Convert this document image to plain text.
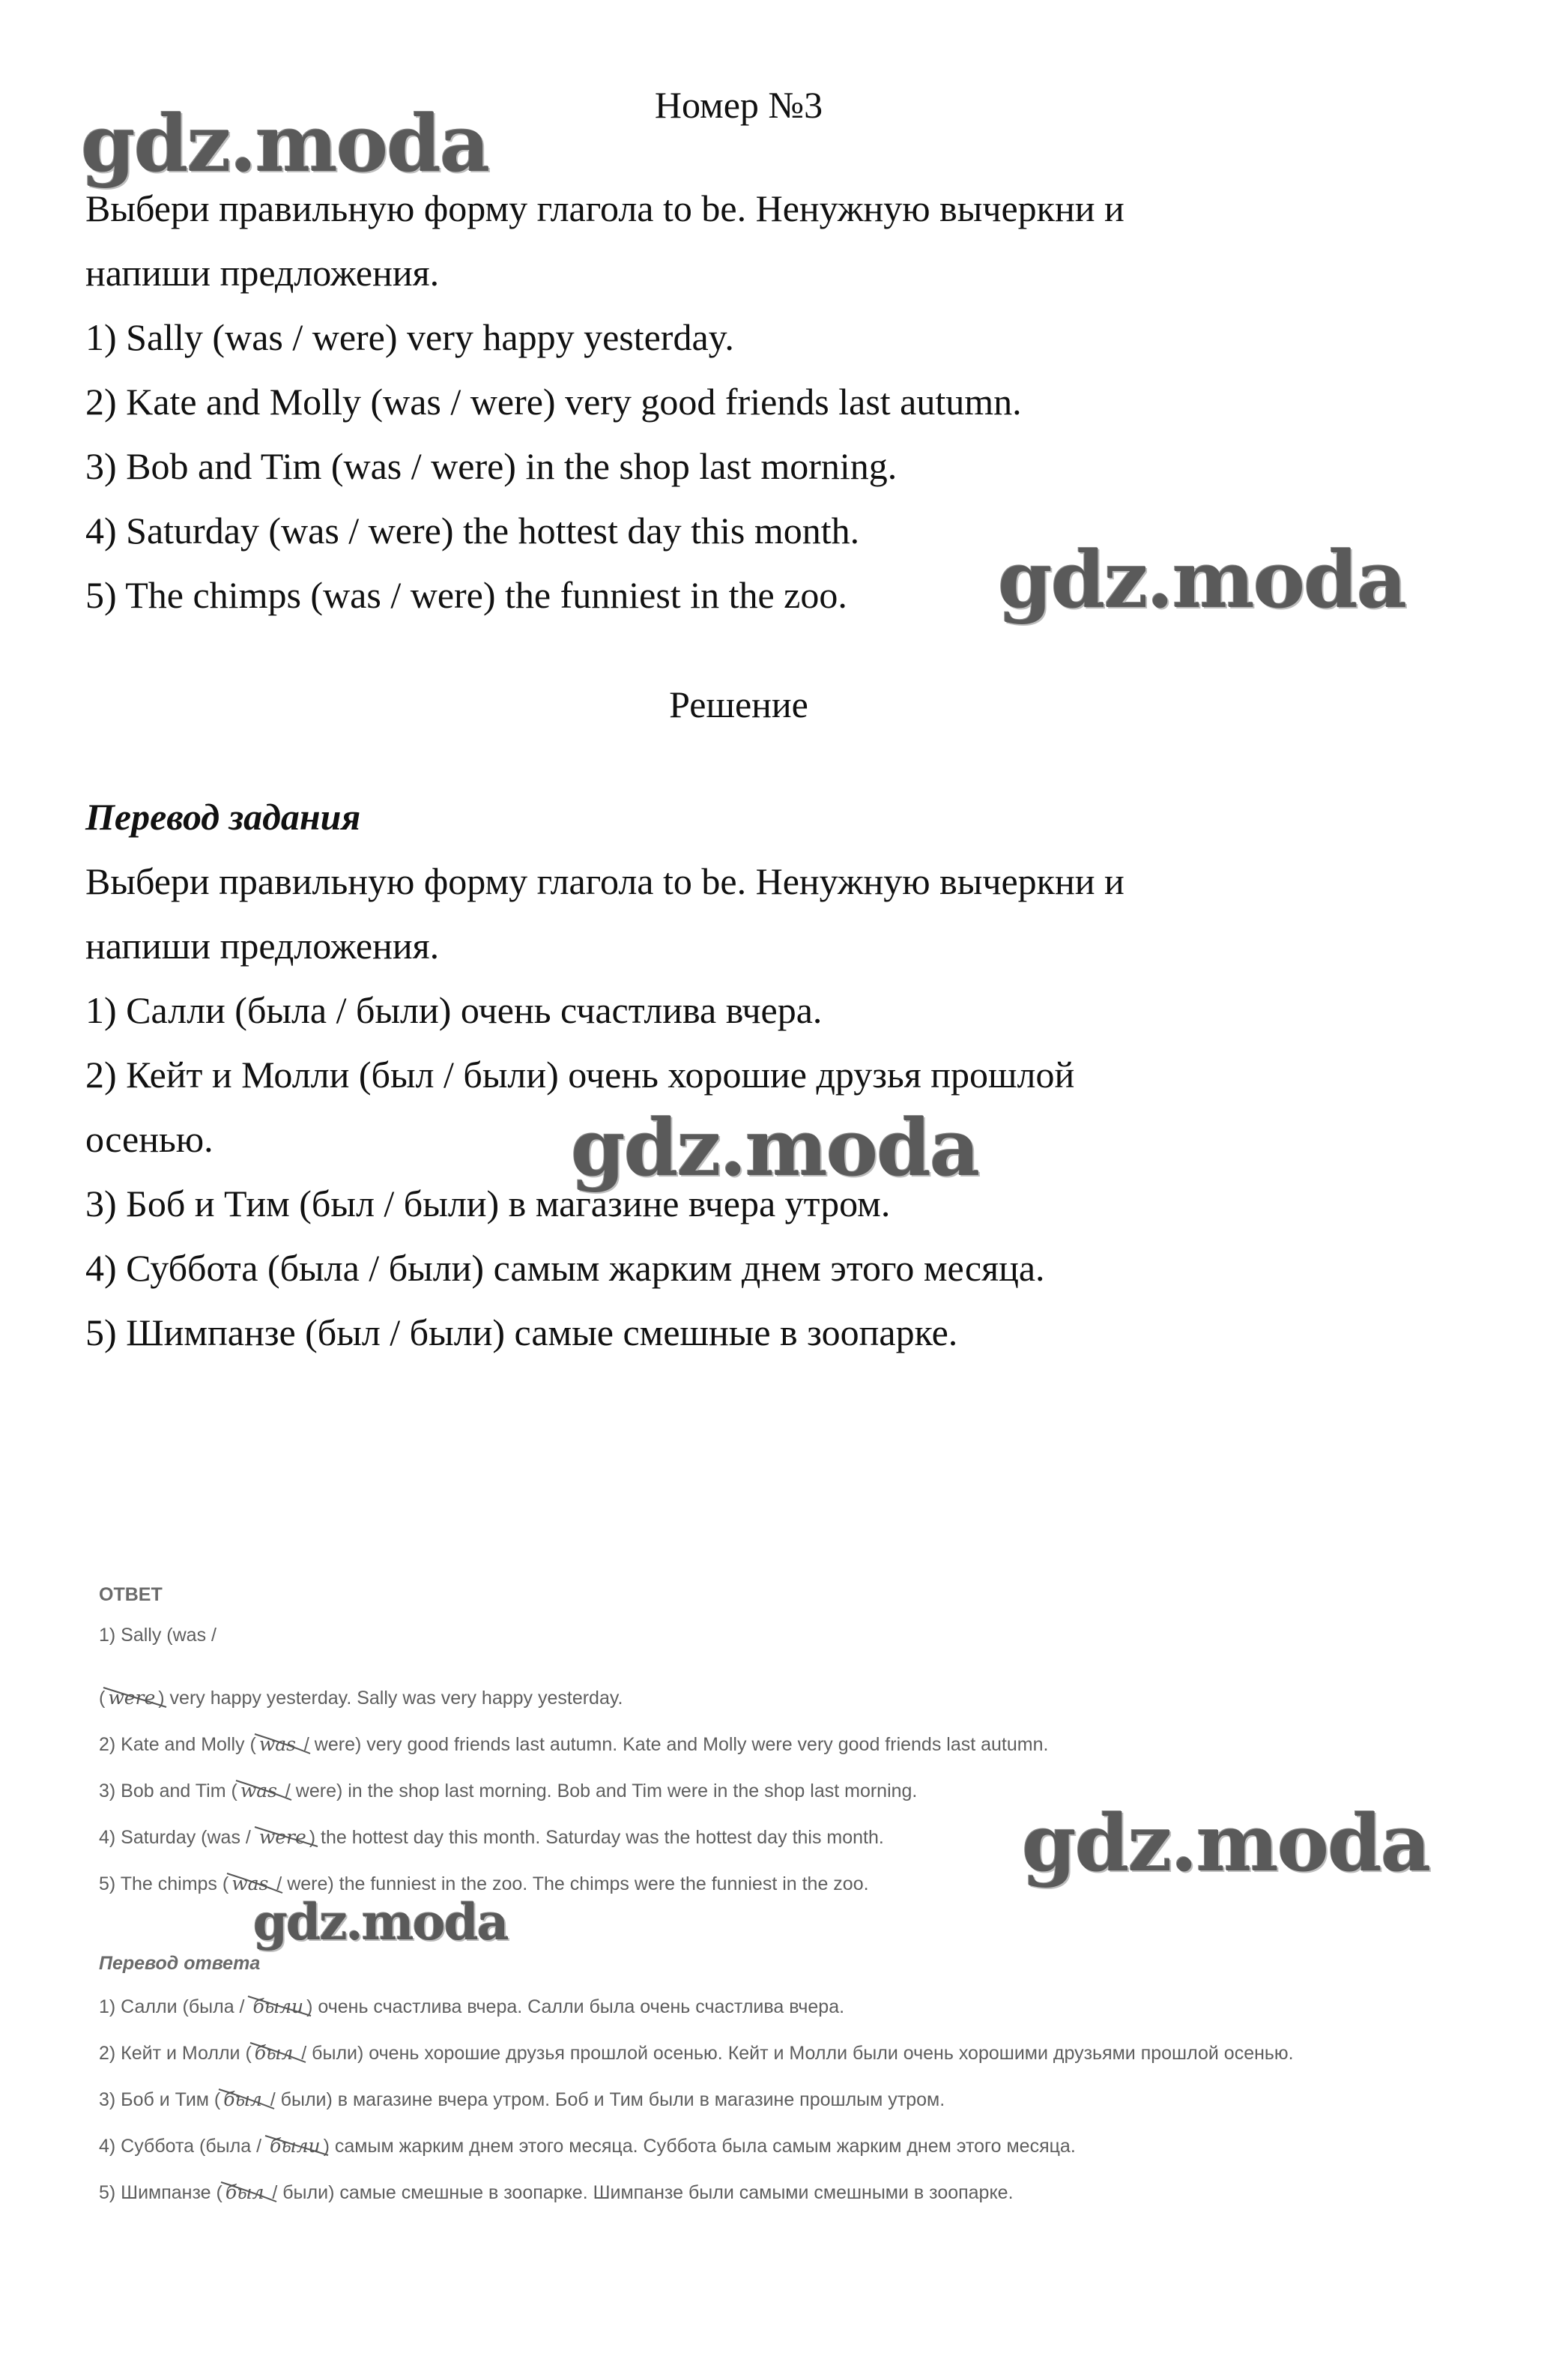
gdz.moda
gdz.moda
gdz.moda
gdz.moda
gdz.moda
Номер №3

Выбери правильную форму глагола to be. Ненужную вычеркни и

напиши предложения.

1) Sally (was / were) very happy yesterday.

2) Kate and Molly (was / were) very good friends last autumn.

3) Bob and Tim (was / were) in the shop last morning.

4) Saturday (was / were) the hottest day this month.

5) The chimps (was / were) the funniest in the zoo.

Решение

Перевод задания

Выбери правильную форму глагола to be. Ненужную вычеркни и

напиши предложения.

1) Салли (была / были) очень счастлива вчера.

2) Кейт и Молли (был / были) очень хорошие друзья прошлой

осенью.

3) Боб и Тим (был / были) в магазине вчера утром.

4) Суббота (была / были) самым жарким днем этого месяца.

5) Шимпанзе (был / были) самые смешные в зоопарке.

ОТВЕТ
1) Sally (was /
( were ) very happy yesterday. Sally was very happy yesterday.
2) Kate and Molly ( was / were) very good friends last autumn. Kate and Molly were very good friends last autumn.
3) Bob and Tim ( was / were) in the shop last morning. Bob and Tim were in the shop last morning.
4) Saturday (was /
were ) the hottest day this month. Saturday was the hottest day this month.
5) The chimps ( was / were) the funniest in the zoo. The chimps were the funniest in the zoo.
Перевод ответа
1) Салли (была /
были ) очень счастлива вчера. Салли была очень счастлива вчера.
2) Кейт и Молли ( был / были) очень хорошие друзья прошлой осенью. Кейт и Молли были очень хорошими друзьями прошлой осенью.
3) Боб и Тим ( был / были) в магазине вчера утром. Боб и Тим были в магазине прошлым утром.
4) Суббота (была /
были ) самым жарким днем этого месяца. Суббота была самым жарким днем этого месяца.
5) Шимпанзе ( был / были) самые смешные в зоопарке. Шимпанзе были самыми смешными в зоопарке.
